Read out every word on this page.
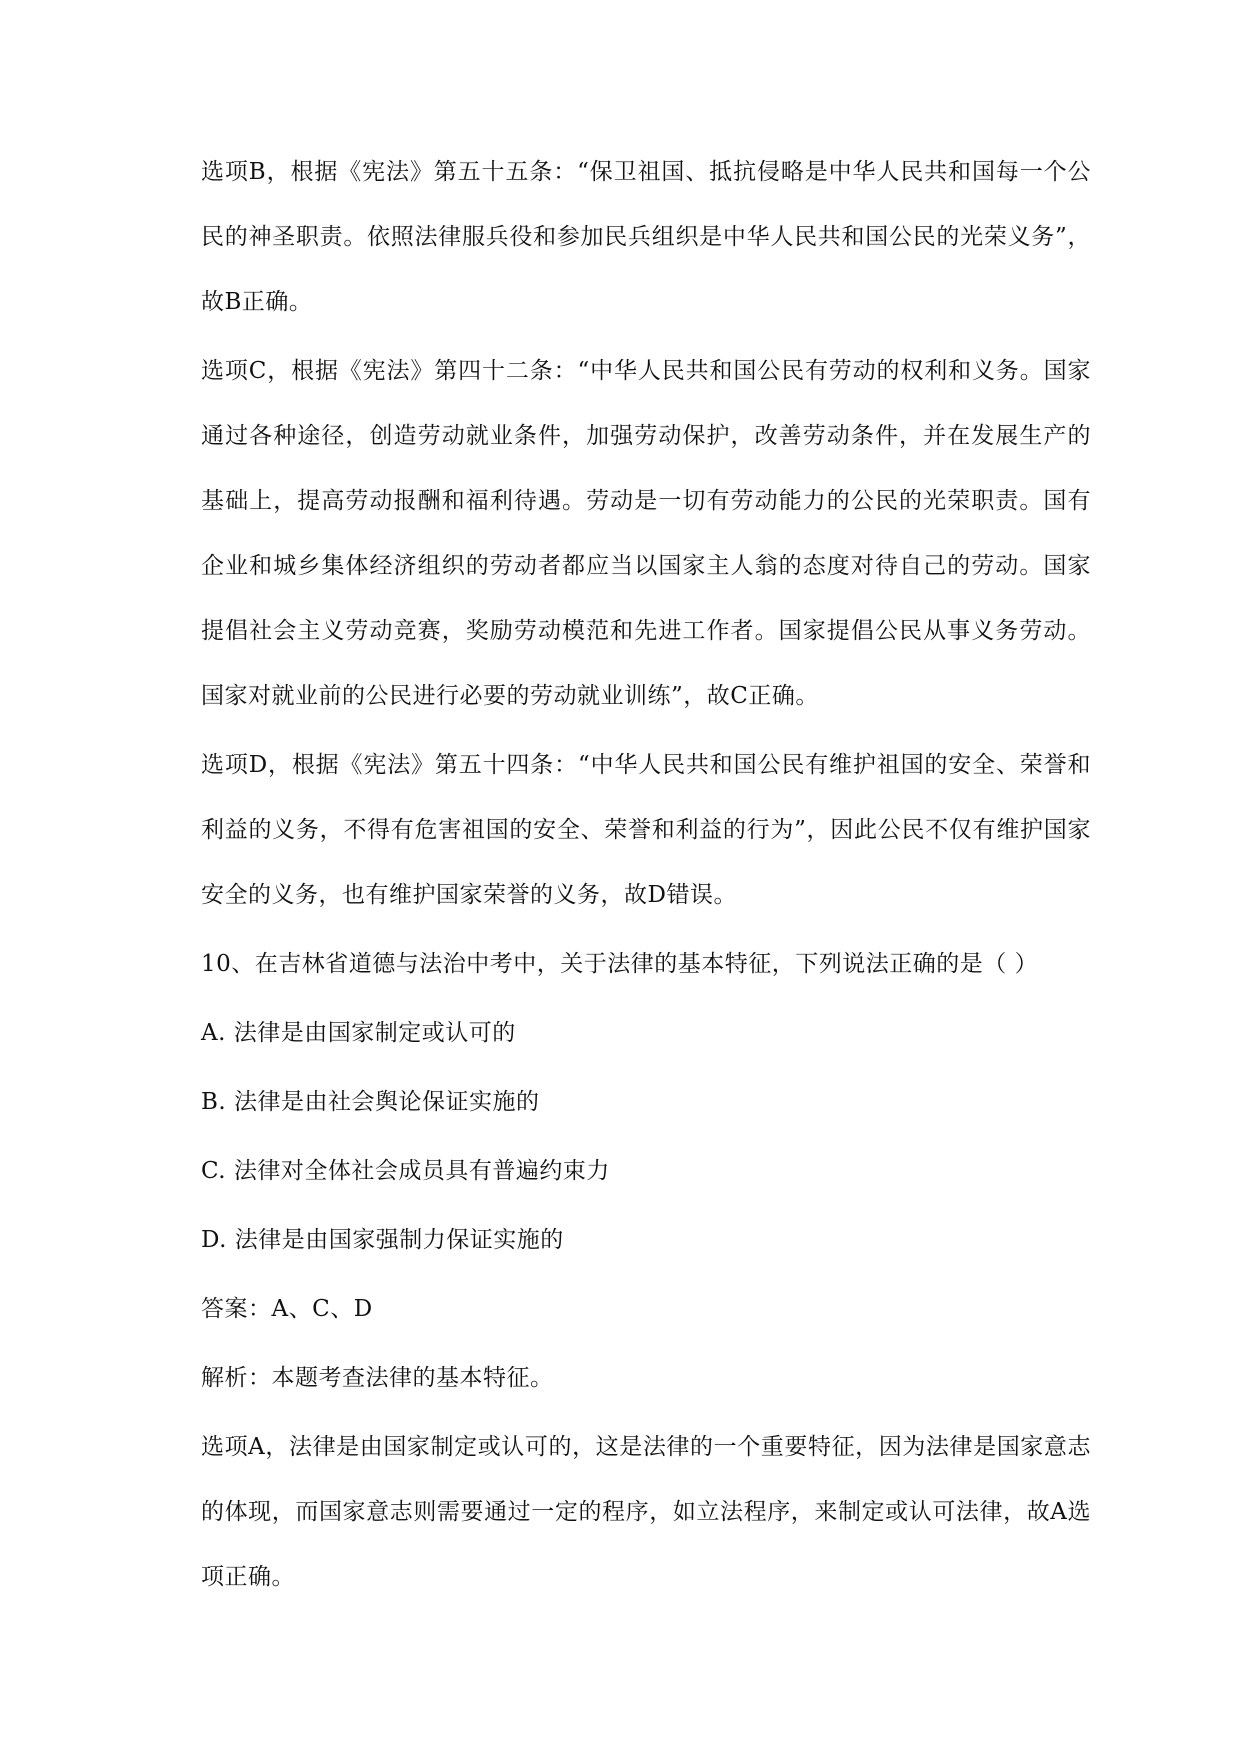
选项B，根据《宪法》第五十五条：“保卫祖国、抵抗侵略是中华人民共和国每一个公民的神圣职责。依照法律服兵役和参加民兵组织是中华人民共和国公民的光荣义务”，故B正确。

选项C，根据《宪法》第四十二条：“中华人民共和国公民有劳动的权利和义务。国家通过各种途径，创造劳动就业条件，加强劳动保护，改善劳动条件，并在发展生产的基础上，提高劳动报酬和福利待遇。劳动是一切有劳动能力的公民的光荣职责。国有企业和城乡集体经济组织的劳动者都应当以国家主人翁的态度对待自己的劳动。国家提倡社会主义劳动竞赛，奖励劳动模范和先进工作者。国家提倡公民从事义务劳动。国家对就业前的公民进行必要的劳动就业训练”，故C正确。

选项D，根据《宪法》第五十四条：“中华人民共和国公民有维护祖国的安全、荣誉和利益的义务，不得有危害祖国的安全、荣誉和利益的行为”，因此公民不仅有维护国家安全的义务，也有维护国家荣誉的义务，故D错误。

10、在吉林省道德与法治中考中，关于法律的基本特征，下列说法正确的是（ ）

A. 法律是由国家制定或认可的

B. 法律是由社会舆论保证实施的

C. 法律对全体社会成员具有普遍约束力

D. 法律是由国家强制力保证实施的

答案：A、C、D

解析：本题考查法律的基本特征。

选项A，法律是由国家制定或认可的，这是法律的一个重要特征，因为法律是国家意志的体现，而国家意志则需要通过一定的程序，如立法程序，来制定或认可法律，故A选项正确。
